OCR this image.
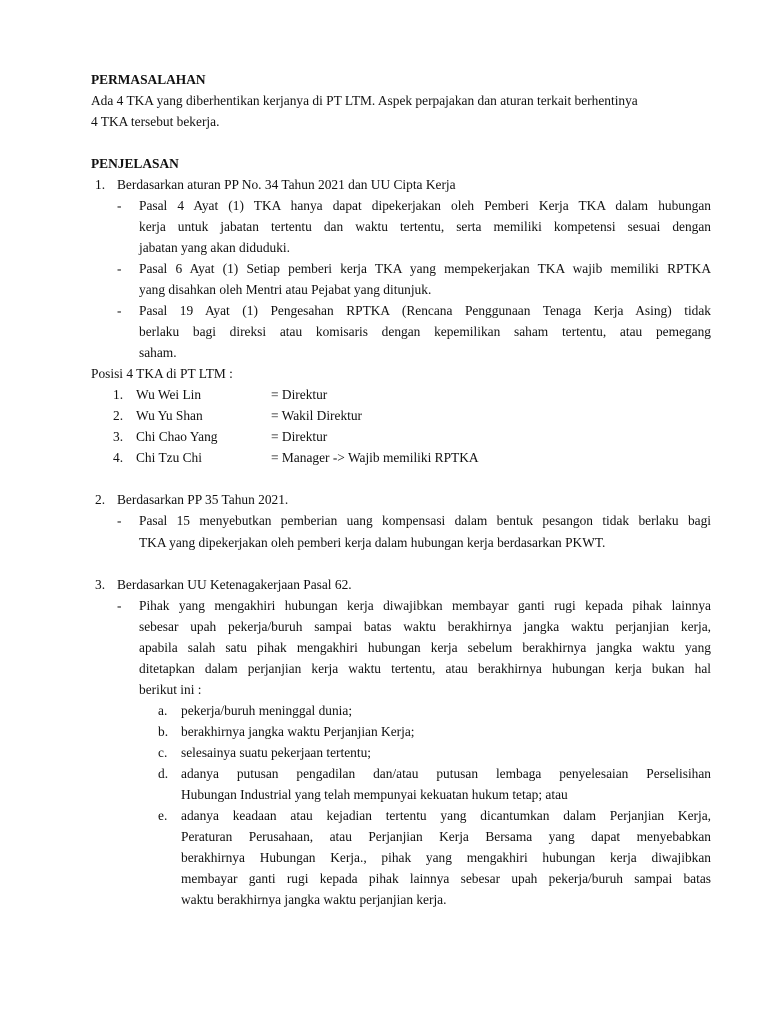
PERMASALAHAN
Ada 4 TKA yang diberhentikan kerjanya di PT LTM. Aspek perpajakan dan aturan terkait berhentinya
4 TKA tersebut bekerja.
PENJELASAN
1. Berdasarkan aturan PP No. 34 Tahun 2021 dan UU Cipta Kerja
- Pasal 4 Ayat (1) TKA hanya dapat dipekerjakan oleh Pemberi Kerja TKA dalam hubungan
kerja untuk jabatan tertentu dan waktu tertentu, serta memiliki kompetensi sesuai dengan
jabatan yang akan diduduki.
- Pasal 6 Ayat (1) Setiap pemberi kerja TKA yang mempekerjakan TKA wajib memiliki RPTKA
yang disahkan oleh Mentri atau Pejabat yang ditunjuk.
- Pasal 19 Ayat (1) Pengesahan RPTKA (Rencana Penggunaan Tenaga Kerja Asing) tidak
berlaku bagi direksi atau komisaris dengan kepemilikan saham tertentu, atau pemegang
saham.
Posisi 4 TKA di PT LTM :
1. Wu Wei Lin	= Direktur
2. Wu Yu Shan	= Wakil Direktur
3. Chi Chao Yang	= Direktur
4. Chi Tzu Chi	= Manager -> Wajib memiliki RPTKA
2. Berdasarkan PP 35 Tahun 2021.
- Pasal 15 menyebutkan pemberian uang kompensasi dalam bentuk pesangon tidak berlaku bagi
TKA yang dipekerjakan oleh pemberi kerja dalam hubungan kerja berdasarkan PKWT.
3. Berdasarkan UU Ketenagakerjaan Pasal 62.
- Pihak yang mengakhiri hubungan kerja diwajibkan membayar ganti rugi kepada pihak lainnya
sebesar upah pekerja/buruh sampai batas waktu berakhirnya jangka waktu perjanjian kerja,
apabila salah satu pihak mengakhiri hubungan kerja sebelum berakhirnya jangka waktu yang
ditetapkan dalam perjanjian kerja waktu tertentu, atau berakhirnya hubungan kerja bukan hal
berikut ini :
a. pekerja/buruh meninggal dunia;
b. berakhirnya jangka waktu Perjanjian Kerja;
c. selesainya suatu pekerjaan tertentu;
d. adanya putusan pengadilan dan/atau putusan lembaga penyelesaian Perselisihan
Hubungan Industrial yang telah mempunyai kekuatan hukum tetap; atau
e. adanya keadaan atau kejadian tertentu yang dicantumkan dalam Perjanjian Kerja,
Peraturan Perusahaan, atau Perjanjian Kerja Bersama yang dapat menyebabkan
berakhirnya Hubungan Kerja., pihak yang mengakhiri hubungan kerja diwajibkan
membayar ganti rugi kepada pihak lainnya sebesar upah pekerja/buruh sampai batas
waktu berakhirnya jangka waktu perjanjian kerja.
